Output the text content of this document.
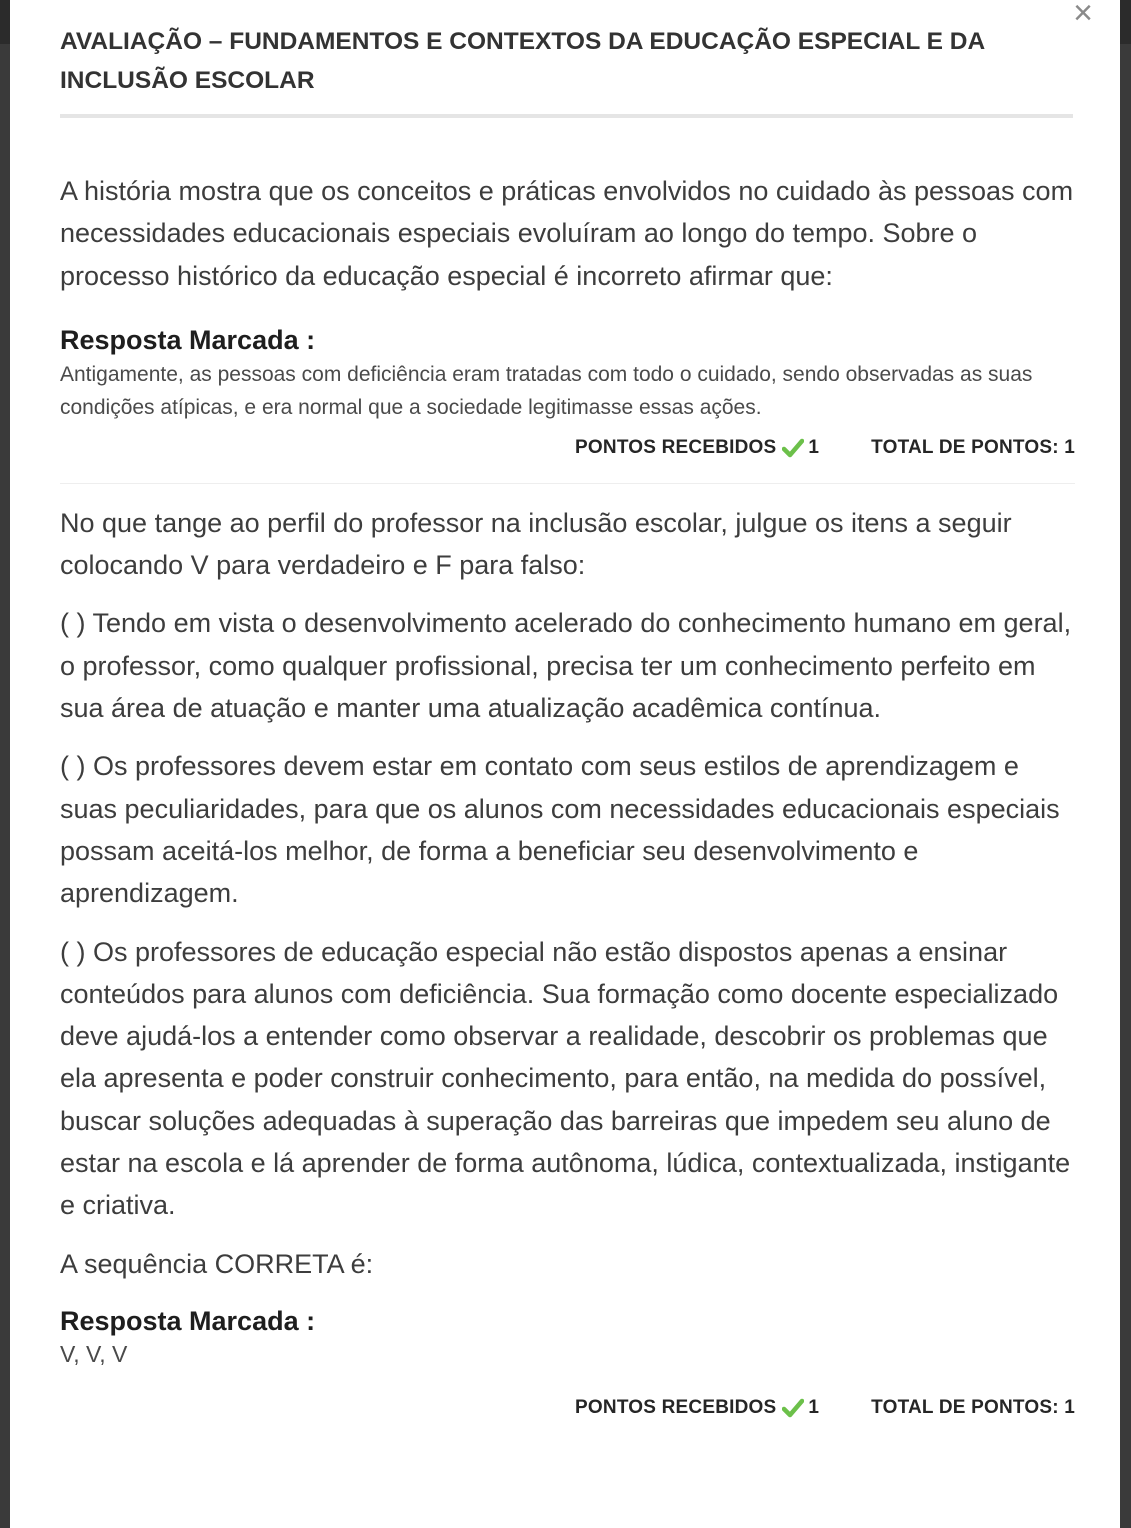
×
AVALIAÇÃO – FUNDAMENTOS E CONTEXTOS DA EDUCAÇÃO ESPECIAL E DA INCLUSÃO ESCOLAR

A história mostra que os conceitos e práticas envolvidos no cuidado às pessoas com necessidades educacionais especiais evoluíram ao longo do tempo. Sobre o processo histórico da educação especial é incorreto afirmar que:

Resposta Marcada :

Antigamente, as pessoas com deficiência eram tratadas com todo o cuidado, sendo observadas as suas condições atípicas, e era normal que a sociedade legitimasse essas ações.

PONTOS RECEBIDOS 1	TOTAL DE PONTOS: 1

No que tange ao perfil do professor na inclusão escolar, julgue os itens a seguir colocando V para verdadeiro e F para falso:

( ) Tendo em vista o desenvolvimento acelerado do conhecimento humano em geral, o professor, como qualquer profissional, precisa ter um conhecimento perfeito em sua área de atuação e manter uma atualização acadêmica contínua.

( ) Os professores devem estar em contato com seus estilos de aprendizagem e suas peculiaridades, para que os alunos com necessidades educacionais especiais possam aceitá-los melhor, de forma a beneficiar seu desenvolvimento e aprendizagem.

( ) Os professores de educação especial não estão dispostos apenas a ensinar conteúdos para alunos com deficiência. Sua formação como docente especializado deve ajudá-los a entender como observar a realidade, descobrir os problemas que ela apresenta e poder construir conhecimento, para então, na medida do possível, buscar soluções adequadas à superação das barreiras que impedem seu aluno de estar na escola e lá aprender de forma autônoma, lúdica, contextualizada, instigante e criativa.

A sequência CORRETA é:

Resposta Marcada :

V, V, V

PONTOS RECEBIDOS 1	TOTAL DE PONTOS: 1
